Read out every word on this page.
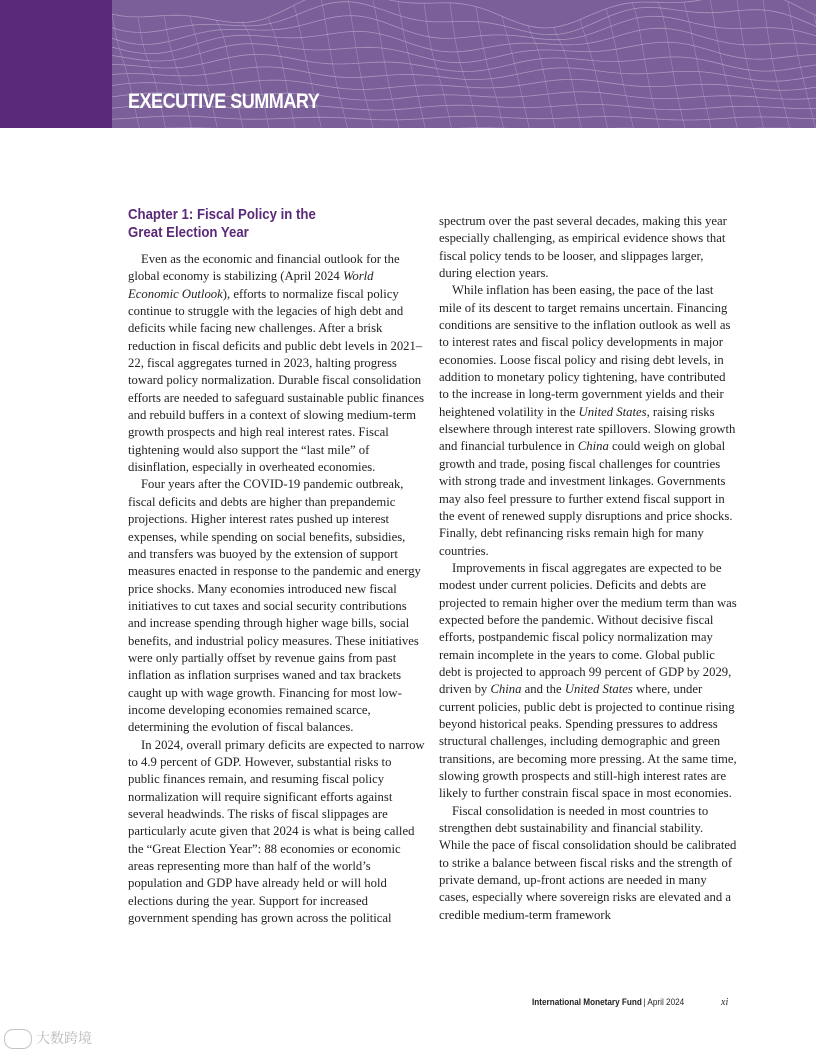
EXECUTIVE SUMMARY
Chapter 1: Fiscal Policy in the
Great Election Year

Even as the economic and financial outlook for the global economy is stabilizing (April 2024 World Economic Outlook), efforts to normalize fiscal policy continue to struggle with the legacies of high debt and deficits while facing new challenges. After a brisk reduction in fiscal deficits and public debt levels in 2021–22, fiscal aggregates turned in 2023, halting progress toward policy normalization. Durable fiscal consolidation efforts are needed to safeguard sustainable public finances and rebuild buffers in a context of slowing medium-term growth prospects and high real interest rates. Fiscal tightening would also support the “last mile” of disinflation, especially in overheated economies.

Four years after the COVID-19 pandemic outbreak, fiscal deficits and debts are higher than prepandemic projections. Higher interest rates pushed up interest expenses, while spending on social benefits, subsidies, and transfers was buoyed by the extension of support measures enacted in response to the pandemic and energy price shocks. Many economies introduced new fiscal initiatives to cut taxes and social security contributions and increase spending through higher wage bills, social benefits, and industrial policy measures. These initiatives were only partially offset by revenue gains from past inflation as inflation surprises waned and tax brackets caught up with wage growth. Financing for most low-income developing economies remained scarce, determining the evolution of fiscal balances.

In 2024, overall primary deficits are expected to narrow to 4.9 percent of GDP. However, substantial risks to public finances remain, and resuming fiscal policy normalization will require significant efforts against several headwinds. The risks of fiscal slippages are particularly acute given that 2024 is what is being called the “Great Election Year”: 88 economies or economic areas representing more than half of the world’s population and GDP have already held or will hold elections during the year. Support for increased government spending has grown across the political

spectrum over the past several decades, making this year especially challenging, as empirical evidence shows that fiscal policy tends to be looser, and slippages larger, during election years.

While inflation has been easing, the pace of the last mile of its descent to target remains uncertain. Financing conditions are sensitive to the inflation outlook as well as to interest rates and fiscal policy developments in major economies. Loose fiscal policy and rising debt levels, in addition to monetary policy tightening, have contributed to the increase in long-term government yields and their heightened volatility in the United States, raising risks elsewhere through interest rate spillovers. Slowing growth and financial turbulence in China could weigh on global growth and trade, posing fiscal challenges for countries with strong trade and investment linkages. Governments may also feel pressure to further extend fiscal support in the event of renewed supply disruptions and price shocks. Finally, debt refinancing risks remain high for many countries.

Improvements in fiscal aggregates are expected to be modest under current policies. Deficits and debts are projected to remain higher over the medium term than was expected before the pandemic. Without decisive fiscal efforts, postpandemic fiscal policy normalization may remain incomplete in the years to come. Global public debt is projected to approach 99 percent of GDP by 2029, driven by China and the United States where, under current policies, public debt is projected to continue rising beyond historical peaks. Spending pressures to address structural challenges, including demographic and green transitions, are becoming more pressing. At the same time, slowing growth prospects and still-high interest rates are likely to further constrain fiscal space in most economies.

Fiscal consolidation is needed in most countries to strengthen debt sustainability and financial stability. While the pace of fiscal consolidation should be calibrated to strike a balance between fiscal risks and the strength of private demand, up-front actions are needed in many cases, especially where sovereign risks are elevated and a credible medium-term framework

International Monetary Fund | April 2024	xi
大数跨境
